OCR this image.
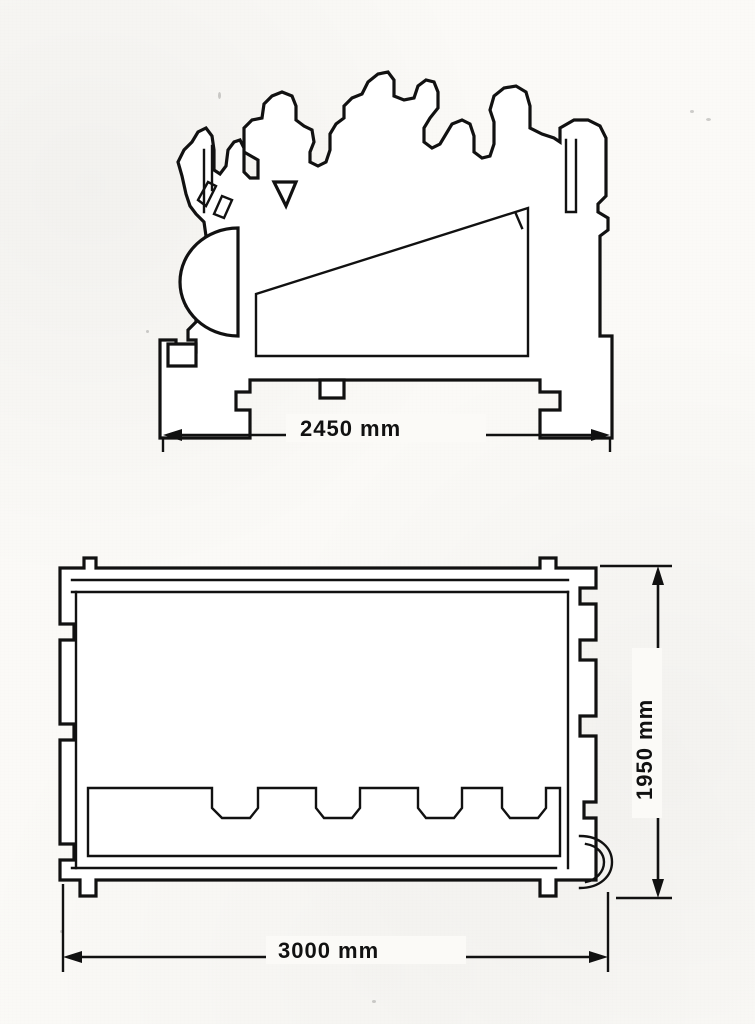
2450 mm
3000 mm
1950 mm
